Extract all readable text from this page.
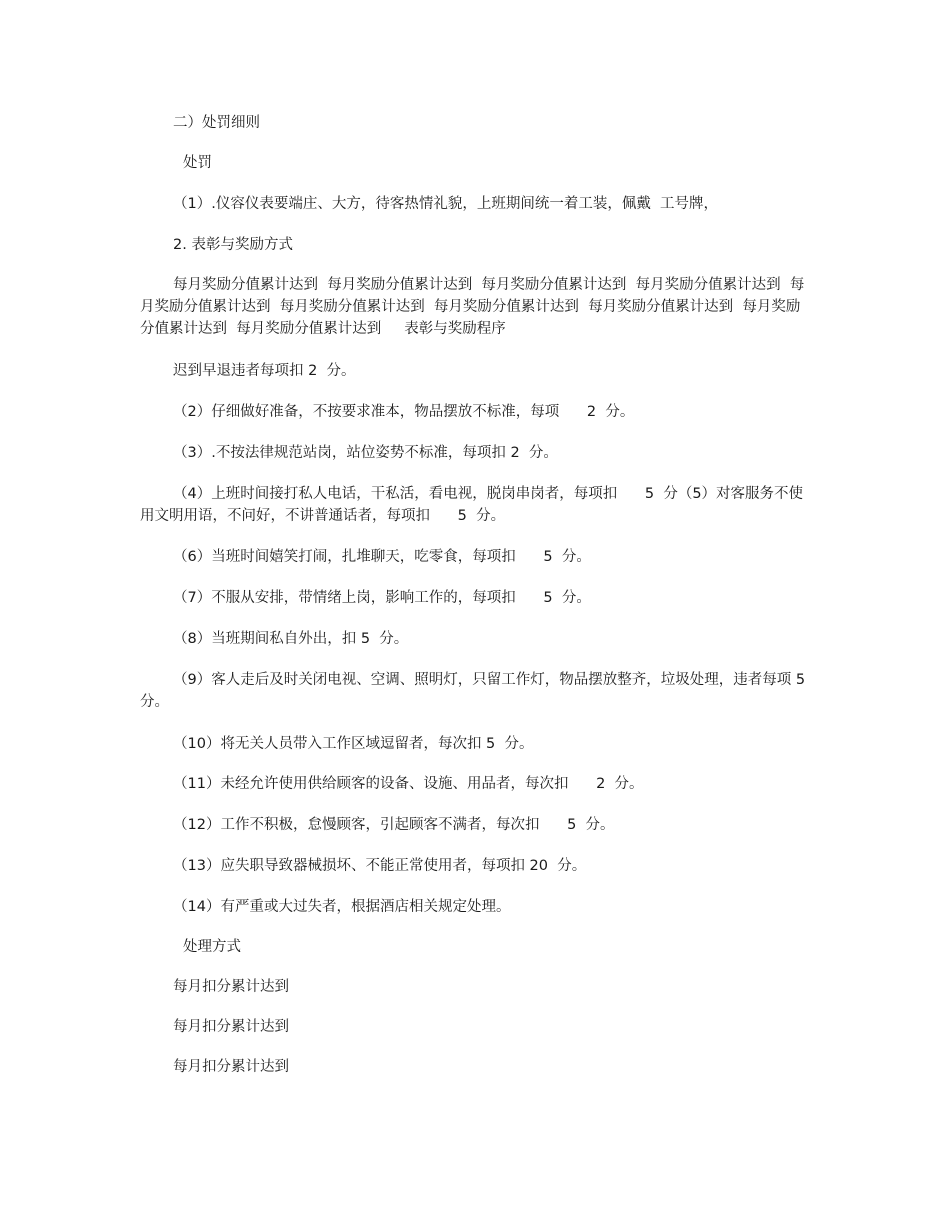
二）处罚细则

处罚

（1）.仪容仪表要端庄、大方，待客热情礼貌，上班期间统一着工装，佩戴  工号牌，

2. 表彰与奖励方式

每月奖励分值累计达到  每月奖励分值累计达到  每月奖励分值累计达到  每月奖励分值累计达到  每月奖励分值累计达到  每月奖励分值累计达到  每月奖励分值累计达到  每月奖励分值累计达到  每月奖励分值累计达到  每月奖励分值累计达到     表彰与奖励程序

迟到早退违者每项扣 2  分。

（2）仔细做好准备，不按要求准本，物品摆放不标准，每项      2  分。

（3）.不按法律规范站岗，站位姿势不标准，每项扣 2  分。

（4）上班时间接打私人电话，干私活，看电视，脱岗串岗者，每项扣      5  分（5）对客服务不使用文明用语，不问好，不讲普通话者，每项扣      5  分。

（6）当班时间嬉笑打闹，扎堆聊天，吃零食，每项扣      5  分。

（7）不服从安排，带情绪上岗，影响工作的，每项扣      5  分。

（8）当班期间私自外出，扣 5  分。

（9）客人走后及时关闭电视、空调、照明灯，只留工作灯，物品摆放整齐，垃圾处理，违者每项 5  分。

（10）将无关人员带入工作区域逗留者，每次扣 5  分。

（11）未经允许使用供给顾客的设备、设施、用品者，每次扣      2  分。

（12）工作不积极，怠慢顾客，引起顾客不满者，每次扣      5  分。

（13）应失职导致器械损坏、不能正常使用者，每项扣 20  分。

（14）有严重或大过失者，根据酒店相关规定处理。

处理方式

每月扣分累计达到

每月扣分累计达到

每月扣分累计达到
